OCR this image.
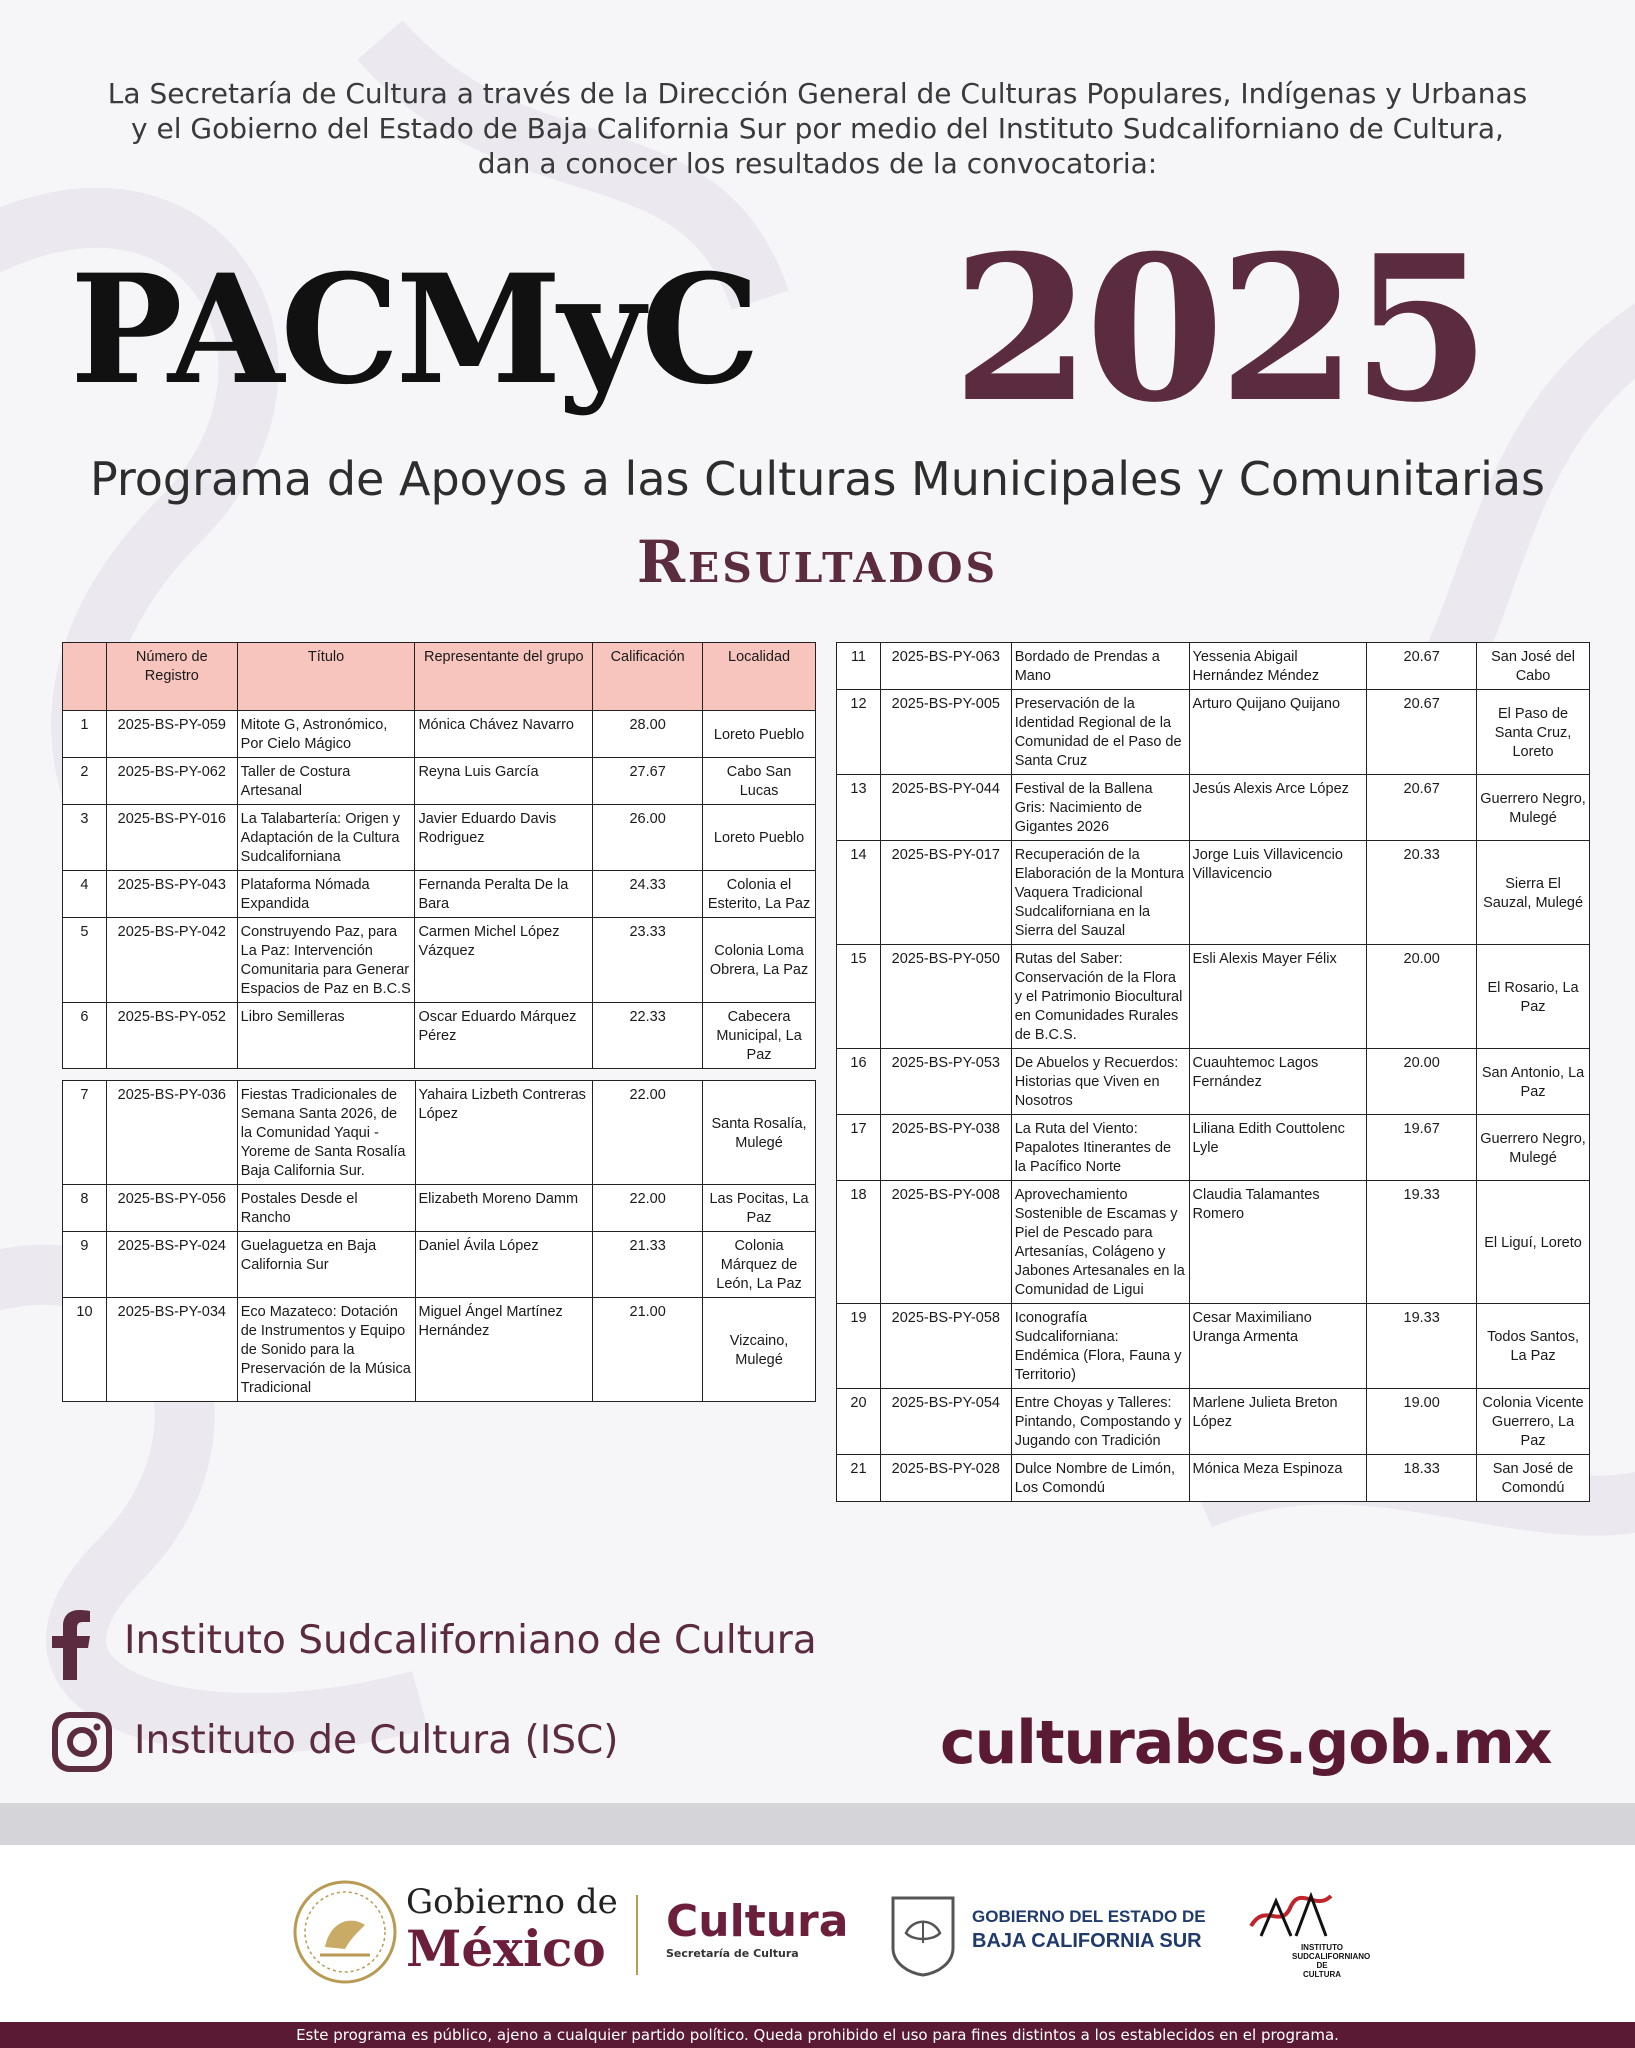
La Secretaría de Cultura a través de la Dirección General de Culturas Populares, Indígenas y Urbanas
y el Gobierno del Estado de Baja California Sur por medio del Instituto Sudcaliforniano de Cultura,
dan a conocer los resultados de la convocatoria:
PACMyC 2025
Programa de Apoyos a las Culturas Municipales y Comunitarias
Resultados
	Número de Registro	Título	Representante del grupo	Calificación	Localidad
1	2025-BS-PY-059	Mitote G, Astronómico, Por Cielo Mágico	Mónica Chávez Navarro	28.00	Loreto Pueblo
2	2025-BS-PY-062	Taller de Costura Artesanal	Reyna Luis García	27.67	Cabo San Lucas
3	2025-BS-PY-016	La Talabartería: Origen y Adaptación de la Cultura Sudcaliforniana	Javier Eduardo Davis Rodriguez	26.00	Loreto Pueblo
4	2025-BS-PY-043	Plataforma Nómada Expandida	Fernanda Peralta De la Bara	24.33	Colonia el Esterito, La Paz
5	2025-BS-PY-042	Construyendo Paz, para La Paz: Intervención Comunitaria para Generar Espacios de Paz en B.C.S	Carmen Michel López Vázquez	23.33	Colonia Loma Obrera, La Paz
6	2025-BS-PY-052	Libro Semilleras	Oscar Eduardo Márquez Pérez	22.33	Cabecera Municipal, La Paz
7	2025-BS-PY-036	Fiestas Tradicionales de Semana Santa 2026, de la Comunidad Yaqui - Yoreme de Santa Rosalía Baja California Sur.	Yahaira Lizbeth Contreras López	22.00	Santa Rosalía, Mulegé
8	2025-BS-PY-056	Postales Desde el Rancho	Elizabeth Moreno Damm	22.00	Las Pocitas, La Paz
9	2025-BS-PY-024	Guelaguetza en Baja California Sur	Daniel Ávila López	21.33	Colonia Márquez de León, La Paz
10	2025-BS-PY-034	Eco Mazateco: Dotación de Instrumentos y Equipo de Sonido para la Preservación de la Música Tradicional	Miguel Ángel Martínez Hernández	21.00	Vizcaino, Mulegé
11	2025-BS-PY-063	Bordado de Prendas a Mano	Yessenia Abigail Hernández Méndez	20.67	San José del Cabo
12	2025-BS-PY-005	Preservación de la Identidad Regional de la Comunidad de el Paso de Santa Cruz	Arturo Quijano Quijano	20.67	El Paso de Santa Cruz, Loreto
13	2025-BS-PY-044	Festival de la Ballena Gris: Nacimiento de Gigantes 2026	Jesús Alexis Arce López	20.67	Guerrero Negro, Mulegé
14	2025-BS-PY-017	Recuperación de la Elaboración de la Montura Vaquera Tradicional Sudcaliforniana en la Sierra del Sauzal	Jorge Luis Villavicencio Villavicencio	20.33	Sierra El Sauzal, Mulegé
15	2025-BS-PY-050	Rutas del Saber: Conservación de la Flora y el Patrimonio Biocultural en Comunidades Rurales de B.C.S.	Esli Alexis Mayer Félix	20.00	El Rosario, La Paz
16	2025-BS-PY-053	De Abuelos y Recuerdos: Historias que Viven en Nosotros	Cuauhtemoc Lagos Fernández	20.00	San Antonio, La Paz
17	2025-BS-PY-038	La Ruta del Viento: Papalotes Itinerantes de la Pacífico Norte	Liliana Edith Couttolenc Lyle	19.67	Guerrero Negro, Mulegé
18	2025-BS-PY-008	Aprovechamiento Sostenible de Escamas y Piel de Pescado para Artesanías, Colágeno y Jabones Artesanales en la Comunidad de Ligui	Claudia Talamantes Romero	19.33	El Liguí, Loreto
19	2025-BS-PY-058	Iconografía Sudcaliforniana: Endémica (Flora, Fauna y Territorio)	Cesar Maximiliano Uranga Armenta	19.33	Todos Santos, La Paz
20	2025-BS-PY-054	Entre Choyas y Talleres: Pintando, Compostando y Jugando con Tradición	Marlene Julieta Breton López	19.00	Colonia Vicente Guerrero, La Paz
21	2025-BS-PY-028	Dulce Nombre de Limón, Los Comondú	Mónica Meza Espinoza	18.33	San José de Comondú
Instituto Sudcaliforniano de Cultura
Instituto de Cultura (ISC)	culturabcs.gob.mx
Gobierno de
México Cultura
Secretaría de Cultura
GOBIERNO DEL ESTADO DE
BAJA CALIFORNIA SUR	INSTITUTO
SUDCALIFORNIANO
DE
CULTURA
Este programa es público, ajeno a cualquier partido político. Queda prohibido el uso para fines distintos a los establecidos en el programa.
